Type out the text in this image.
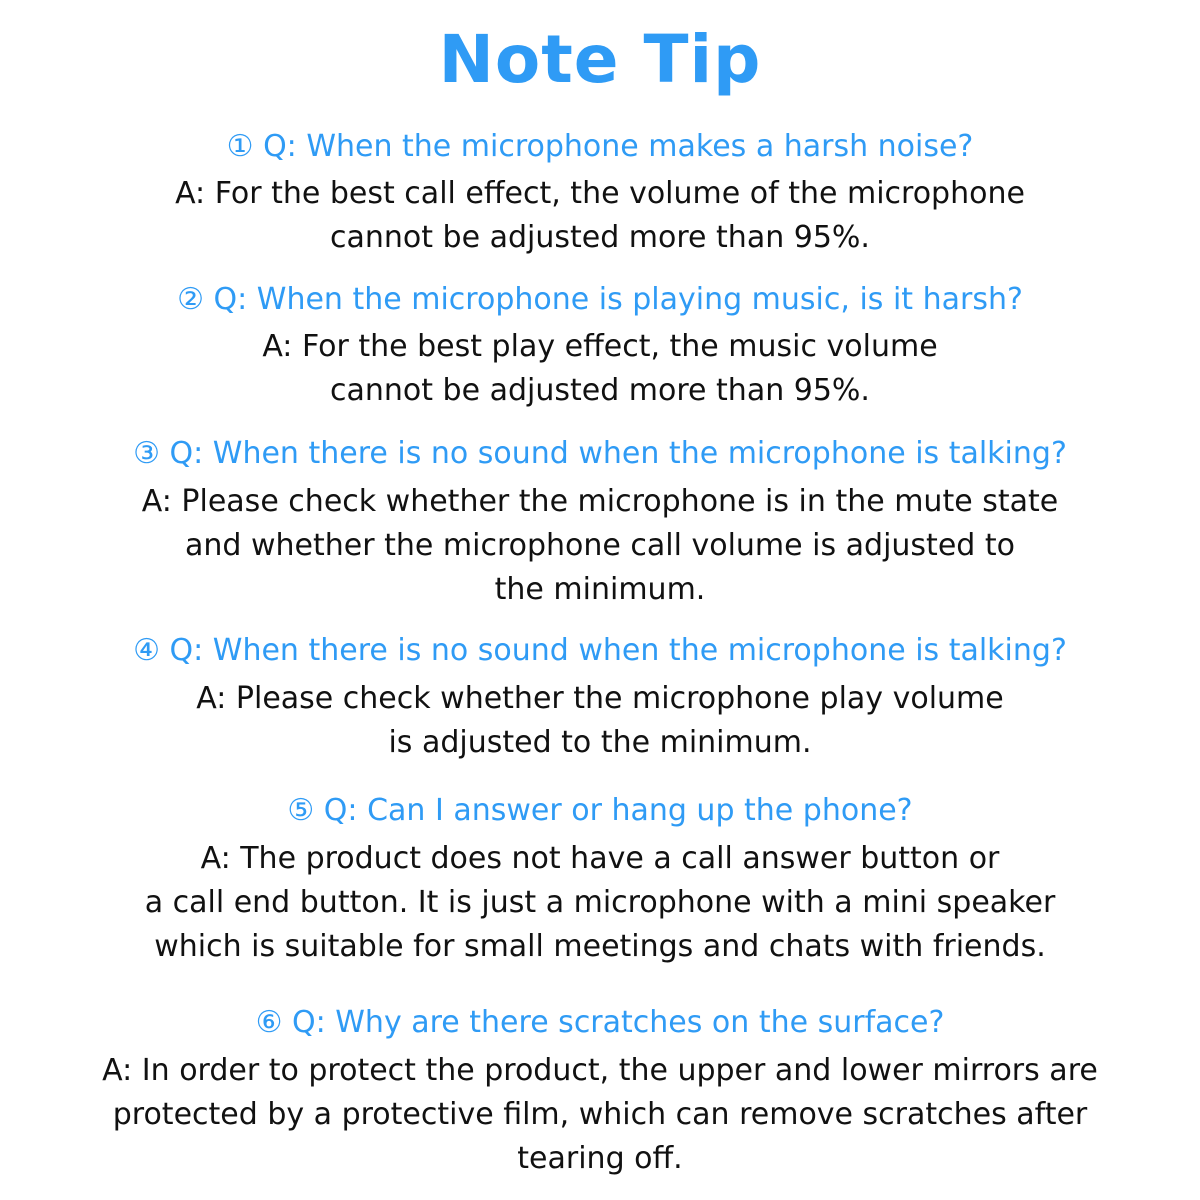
Note Tip
① Q: When the microphone makes a harsh noise?
A: For the best call effect, the volume of the microphone
cannot be adjusted more than 95%.
② Q: When the microphone is playing music, is it harsh?
A: For the best play effect, the music volume
cannot be adjusted more than 95%.
③ Q: When there is no sound when the microphone is talking?
A: Please check whether the microphone is in the mute state
and whether the microphone call volume is adjusted to
the minimum.
④ Q: When there is no sound when the microphone is talking?
A: Please check whether the microphone play volume
is adjusted to the minimum.
⑤ Q: Can I answer or hang up the phone?
A: The product does not have a call answer button or
a call end button. It is just a microphone with a mini speaker
which is suitable for small meetings and chats with friends.
⑥ Q: Why are there scratches on the surface?
A: In order to protect the product, the upper and lower mirrors are
protected by a protective film, which can remove scratches after
tearing off.
